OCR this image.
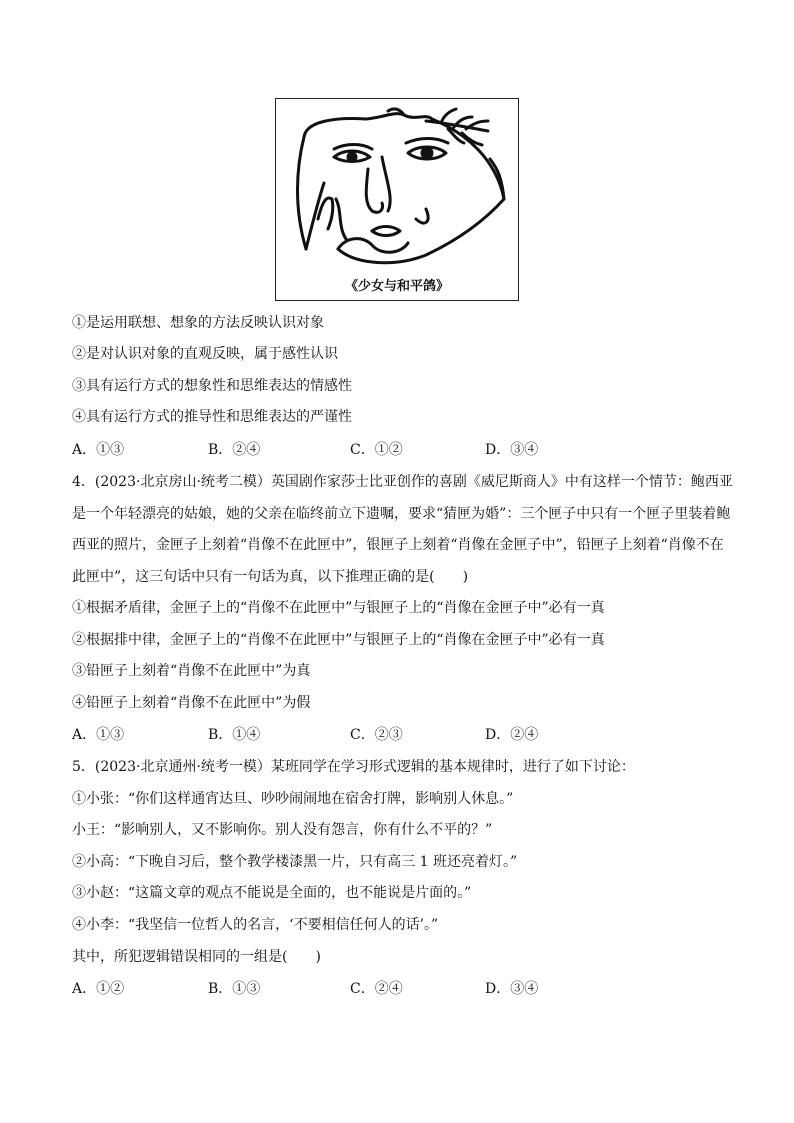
《少女与和平鸽》
①是运用联想、想象的方法反映认识对象
②是对认识对象的直观反映，属于感性认识
③具有运行方式的想象性和思维表达的情感性
④具有运行方式的推导性和思维表达的严谨性
A．①③	B．②④	C．①②	D．③④
4．(2023·北京房山·统考二模）英国剧作家莎士比亚创作的喜剧《威尼斯商人》中有这样一个情节：鲍西亚
是一个年轻漂亮的姑娘，她的父亲在临终前立下遗嘱，要求“猜匣为婚”：三个匣子中只有一个匣子里装着鲍
西亚的照片，金匣子上刻着“肖像不在此匣中”，银匣子上刻着“肖像在金匣子中”，铅匣子上刻着“肖像不在
此匣中”，这三句话中只有一句话为真，以下推理正确的是(　　)
①根据矛盾律，金匣子上的“肖像不在此匣中”与银匣子上的“肖像在金匣子中”必有一真
②根据排中律，金匣子上的“肖像不在此匣中”与银匣子上的“肖像在金匣子中”必有一真
③铅匣子上刻着“肖像不在此匣中”为真
④铅匣子上刻着“肖像不在此匣中”为假
A．①③	B．①④	C．②③	D．②④
5．(2023·北京通州·统考一模）某班同学在学习形式逻辑的基本规律时，进行了如下讨论：
①小张：“你们这样通宵达旦、吵吵闹闹地在宿舍打牌，影响别人休息。”
小王：“影响别人，又不影响你。别人没有怨言，你有什么不平的？”
②小高：“下晚自习后，整个教学楼漆黑一片，只有高三 1 班还亮着灯。”
③小赵：“这篇文章的观点不能说是全面的，也不能说是片面的。”
④小李：“我坚信一位哲人的名言，‘不要相信任何人的话’。”
其中，所犯逻辑错误相同的一组是(　　)
A．①②	B．①③	C．②④	D．③④
